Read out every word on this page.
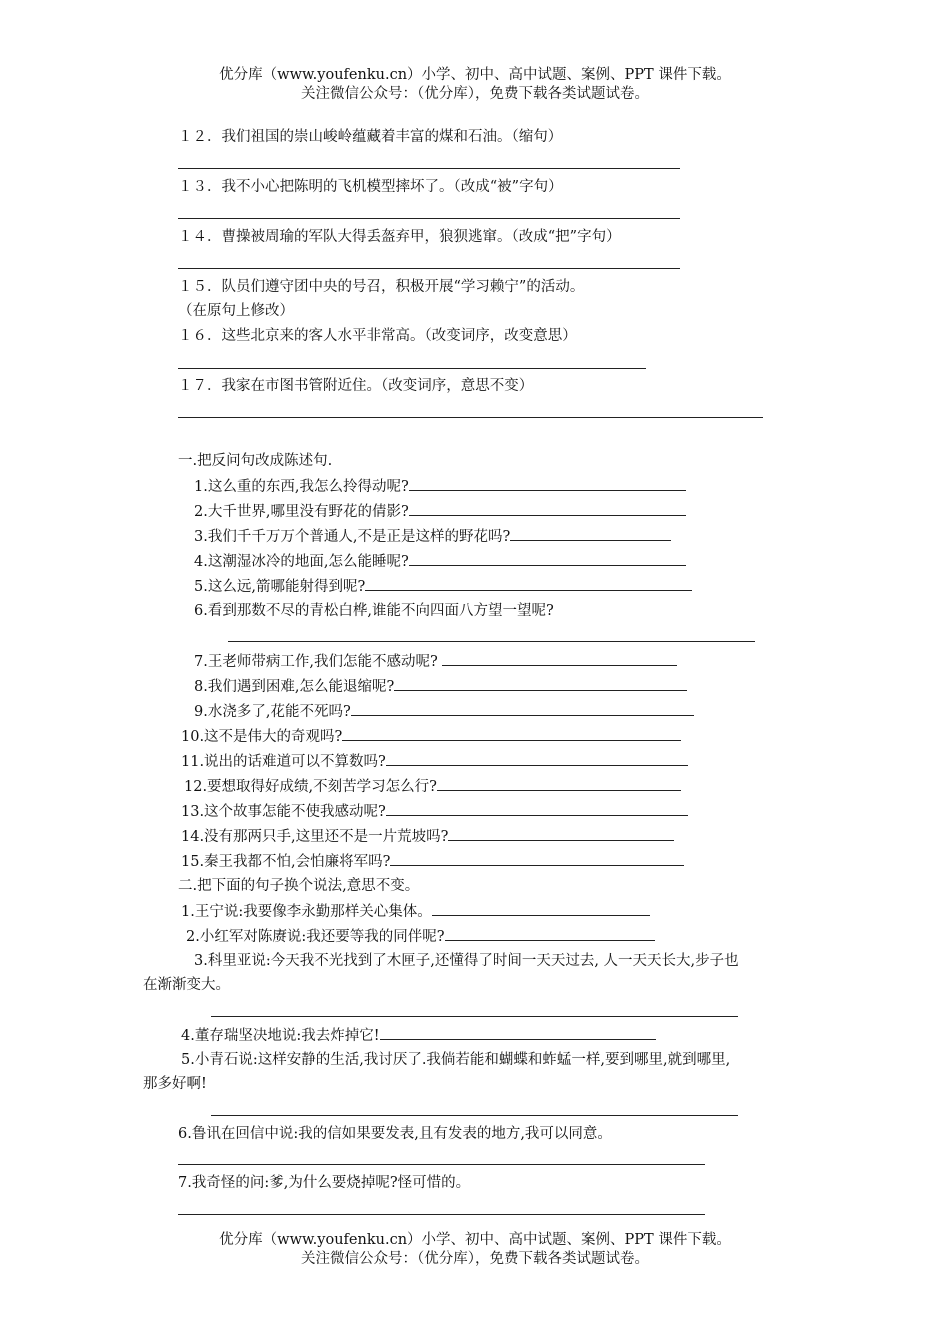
优分库（www.youfenku.cn）小学、初中、高中试题、案例、PPT 课件下载。
关注微信公众号：（优分库），免费下载各类试题试卷。
１２．我们祖国的崇山峻岭蕴藏着丰富的煤和石油。（缩句）
１３．我不小心把陈明的飞机模型摔坏了。（改成“被”字句）
１４．曹操被周瑜的军队大得丢盔弃甲，狼狈逃窜。（改成“把”字句）
１５．队员们遵守团中央的号召，积极开展“学习赖宁”的活动。
（在原句上修改）
１６．这些北京来的客人水平非常高。（改变词序，改变意思）
１７．我家在市图书管附近住。（改变词序，意思不变）
一.把反问句改成陈述句.
1.这么重的东西,我怎么拎得动呢?
2.大千世界,哪里没有野花的倩影?
3.我们千千万万个普通人,不是正是这样的野花吗?
4.这潮湿冰冷的地面,怎么能睡呢?
5.这么远,箭哪能射得到呢?
6.看到那数不尽的青松白桦,谁能不向四面八方望一望呢?
7.王老师带病工作,我们怎能不感动呢?
8.我们遇到困难,怎么能退缩呢?
9.水浇多了,花能不死吗?
10.这不是伟大的奇观吗?
11.说出的话难道可以不算数吗?
12.要想取得好成绩,不刻苦学习怎么行?
13.这个故事怎能不使我感动呢?
14.没有那两只手,这里还不是一片荒坡吗?
15.秦王我都不怕,会怕廉将军吗?
二.把下面的句子换个说法,意思不变。
1.王宁说:我要像李永勤那样关心集体。
2.小红军对陈赓说:我还要等我的同伴呢?
3.科里亚说:今天我不光找到了木匣子,还懂得了时间一天天过去, 人一天天长大,步子也
在渐渐变大。
4.董存瑞坚决地说:我去炸掉它!
5.小青石说:这样安静的生活,我讨厌了.我倘若能和蝴蝶和蚱蜢一样,要到哪里,就到哪里,
那多好啊!
6.鲁讯在回信中说:我的信如果要发表,且有发表的地方,我可以同意。
7.我奇怪的问:爹,为什么要烧掉呢?怪可惜的。
优分库（www.youfenku.cn）小学、初中、高中试题、案例、PPT 课件下载。
关注微信公众号：（优分库），免费下载各类试题试卷。
